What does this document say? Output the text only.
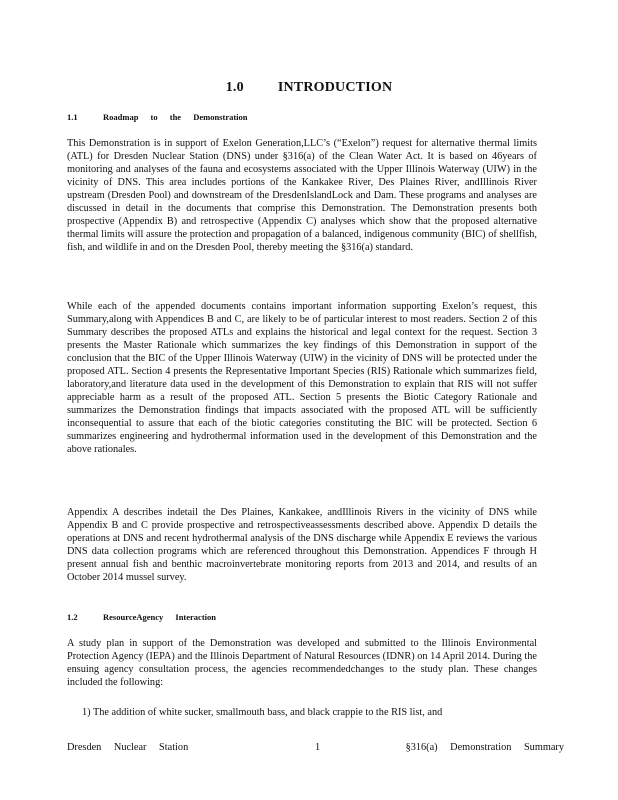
1.0 INTRODUCTION
1.1	Roadmap to the Demonstration

This Demonstration is in support of Exelon Generation,LLC’s (“Exelon”) request for alternative thermal limits (ATL) for Dresden Nuclear Station (DNS) under §316(a) of the Clean Water Act. It is based on 46years of monitoring and analyses of the fauna and ecosystems associated with the Upper Illinois Waterway (UIW) in the vicinity of DNS. This area includes portions of the Kankakee River, Des Plaines River, andIllinois River upstream (Dresden Pool) and downstream of the DresdenIslandLock and Dam. These programs and analyses are discussed in detail in the documents that comprise this Demonstration. The Demonstration presents both prospective (Appendix B) and retrospective (Appendix C) analyses which show that the proposed alternative thermal limits will assure the protection and propagation of a balanced, indigenous community (BIC) of shellfish, fish, and wildlife in and on the Dresden Pool, thereby meeting the §316(a) standard.

While each of the appended documents contains important information supporting Exelon’s request, this Summary,along with Appendices B and C, are likely to be of particular interest to most readers. Section 2 of this Summary describes the proposed ATLs and explains the historical and legal context for the request. Section 3 presents the Master Rationale which summarizes the key findings of this Demonstration in support of the conclusion that the BIC of the Upper Illinois Waterway (UIW) in the vicinity of DNS will be protected under the proposed ATL. Section 4 presents the Representative Important Species (RIS) Rationale which summarizes field, laboratory,and literature data used in the development of this Demonstration to explain that RIS will not suffer appreciable harm as a result of the proposed ATL. Section 5 presents the Biotic Category Rationale and summarizes the Demonstration findings that impacts associated with the proposed ATL will be sufficiently inconsequential to assure that each of the biotic categories constituting the BIC will be protected. Section 6 summarizes engineering and hydrothermal information used in the development of this Demonstration and the above rationales.

Appendix A describes indetail the Des Plaines, Kankakee, andIllinois Rivers in the vicinity of DNS while Appendix B and C provide prospective and retrospectiveassessments described above. Appendix D details the operations at DNS and recent hydrothermal analysis of the DNS discharge while Appendix E reviews the various DNS data collection programs which are referenced throughout this Demonstration. Appendices F through H present annual fish and benthic macroinvertebrate monitoring reports from 2013 and 2014, and results of an October 2014 mussel survey.

1.2	ResourceAgency Interaction

A study plan in support of the Demonstration was developed and submitted to the Illinois Environmental Protection Agency (IEPA) and the Illinois Department of Natural Resources (IDNR) on 14 April 2014. During the ensuing agency consultation process, the agencies recommendedchanges to the study plan. These changes included the following:

1) The addition of white sucker, smallmouth bass, and black crappie to the RIS list, and
Dresden Nuclear Station	1	§316(a) Demonstration Summary
